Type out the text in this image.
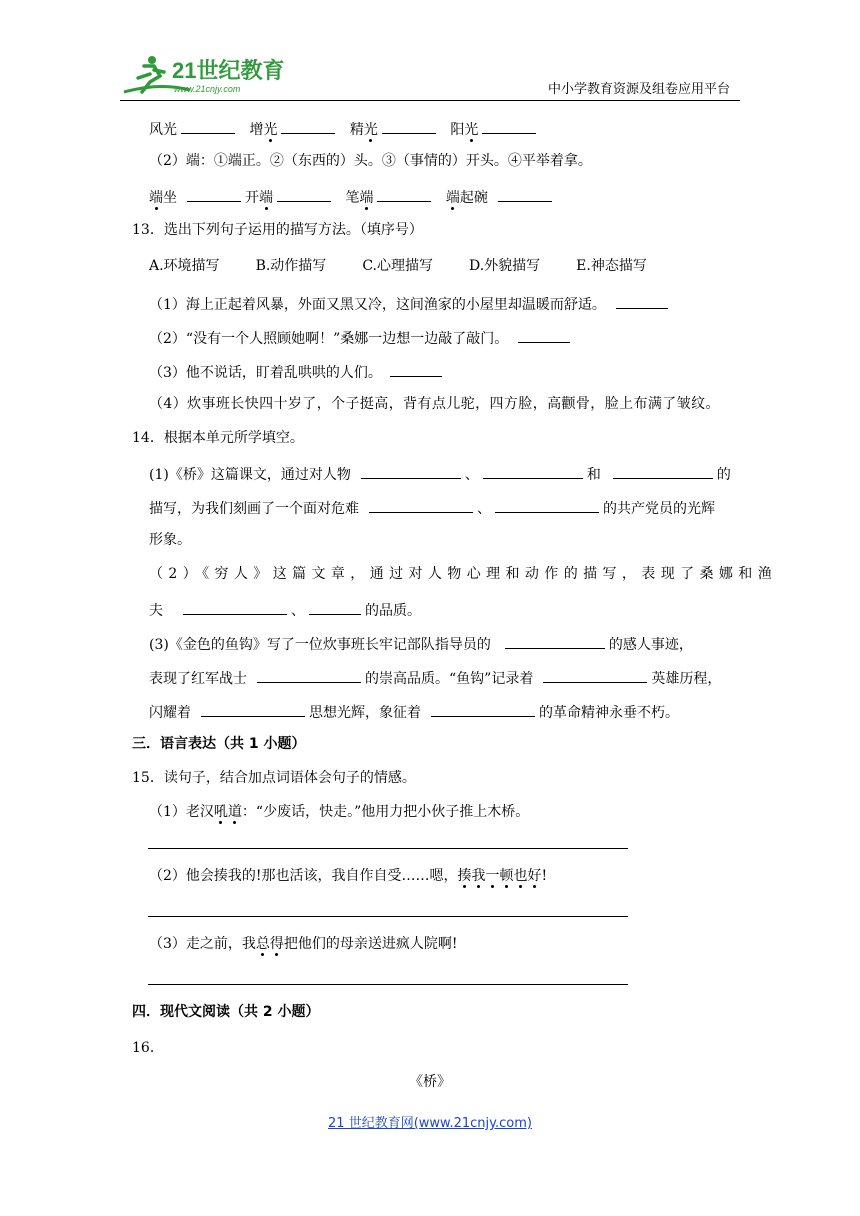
21世纪教育
www.21cnjy.com	中小学教育资源及组卷应用平台
风光	增光	精光	阳光
（2）端：①端正。②（东西的）头。③（事情的）开头。④平举着拿。
端坐	开端	笔端	端起碗
13．选出下列句子运用的描写方法。（填序号）
A.环境描写	B.动作描写	C.心理描写	D.外貌描写	E.神态描写
（1）海上正起着风暴，外面又黑又冷，这间渔家的小屋里却温暖而舒适。
（2）“没有一个人照顾她啊！”桑娜一边想一边敲了敲门。
（3）他不说话，盯着乱哄哄的人们。
（4）炊事班长快四十岁了，个子挺高，背有点儿驼，四方脸，高颧骨，脸上布满了皱纹。
14．根据本单元所学填空。
(1)《桥》这篇课文，通过对人物	、	和	的
描写，为我们刻画了一个面对危难	、	的共产党员的光辉
形象。
（2）《穷人》这篇文章，通过对人物心理和动作的描写，表现了桑娜和渔
夫	、	的品质。
(3)《金色的鱼钩》写了一位炊事班长牢记部队指导员的	的感人事迹，
表现了红军战士	的崇高品质。“鱼钩”记录着	英雄历程，
闪耀着	思想光辉，象征着	的革命精神永垂不朽。
三．语言表达（共 1 小题）
15．读句子，结合加点词语体会句子的情感。
（1）老汉吼道：“少废话，快走。”他用力把小伙子推上木桥。
（2）他会揍我的!那也活该，我自作自受……嗯，揍我一顿也好!
（3）走之前，我总得把他们的母亲送进疯人院啊!
四．现代文阅读（共 2 小题）
16．
《桥》
21 世纪教育网(www.21cnjy.com)
